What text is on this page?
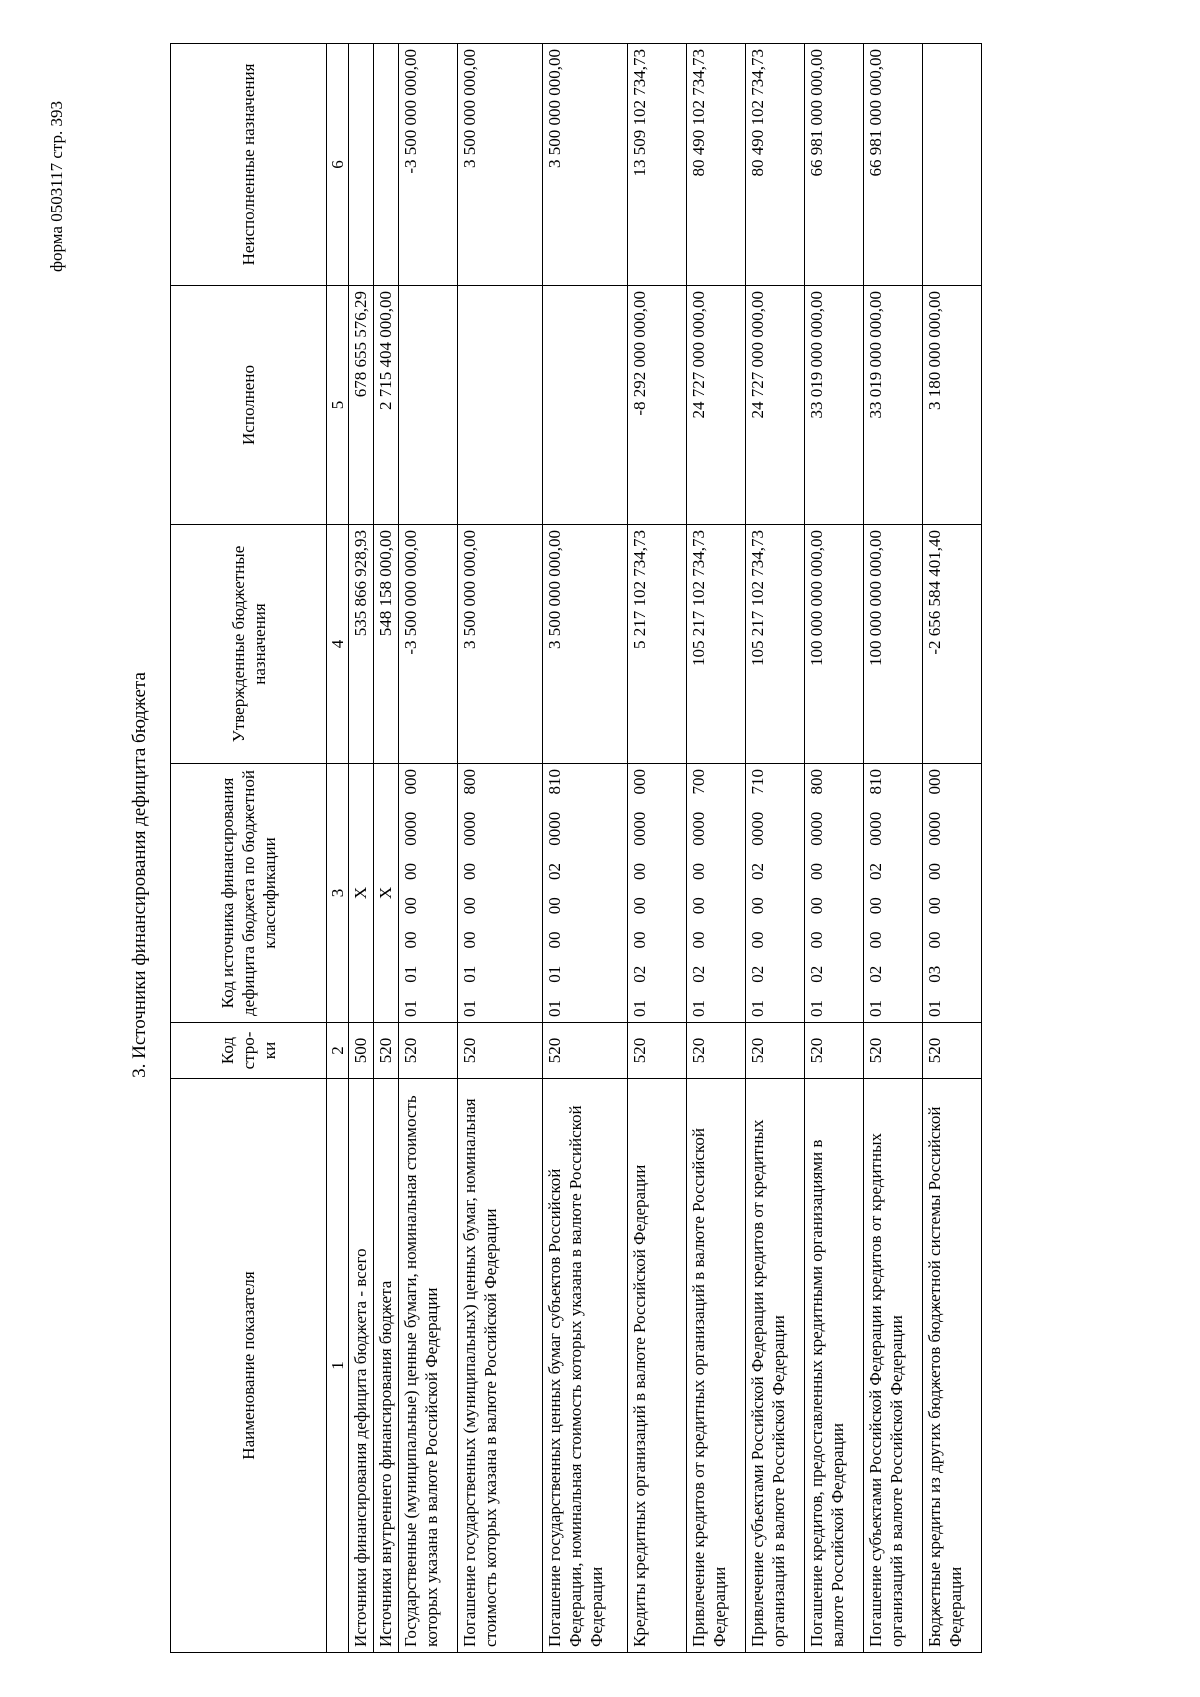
форма 0503117 стр. 393
3. Источники финансирования дефицита бюджета
Наименование показателя	Код стро-ки	Код источника финансирования дефицита бюджета по бюджетной классификации	Утвержденные бюджетные назначения	Исполнено	Неисполненные назначения
1	2	3	4	5	6
Источники финансирования дефицита бюджета - всего	500	X	535 866 928,93	678 655 576,29	
Источники внутреннего финансирования бюджета	520	X	548 158 000,00	2 715 404 000,00	
Государственные (муниципальные) ценные бумаги, номинальная стоимость которых указана в валюте Российской Федерации	520	01 01 00 00 00 0000 000	-3 500 000 000,00		-3 500 000 000,00
Погашение государственных (муниципальных) ценных бумаг, номинальная стоимость которых указана в валюте Российской Федерации	520	01 01 00 00 00 0000 800	3 500 000 000,00		3 500 000 000,00
Погашение государственных ценных бумаг субъектов Российской Федерации, номинальная стоимость которых указана в валюте Российской Федерации	520	01 01 00 00 02 0000 810	3 500 000 000,00		3 500 000 000,00
Кредиты кредитных организаций в валюте Российской Федерации	520	01 02 00 00 00 0000 000	5 217 102 734,73	-8 292 000 000,00	13 509 102 734,73
Привлечение кредитов от кредитных организаций в валюте Российской Федерации	520	01 02 00 00 00 0000 700	105 217 102 734,73	24 727 000 000,00	80 490 102 734,73
Привлечение субъектами Российской Федерации кредитов от кредитных организаций в валюте Российской Федерации	520	01 02 00 00 02 0000 710	105 217 102 734,73	24 727 000 000,00	80 490 102 734,73
Погашение кредитов, предоставленных кредитными организациями в валюте Российской Федерации	520	01 02 00 00 00 0000 800	100 000 000 000,00	33 019 000 000,00	66 981 000 000,00
Погашение субъектами Российской Федерации кредитов от кредитных организаций в валюте Российской Федерации	520	01 02 00 00 02 0000 810	100 000 000 000,00	33 019 000 000,00	66 981 000 000,00
Бюджетные кредиты из других бюджетов бюджетной системы Российской Федерации	520	01 03 00 00 00 0000 000	-2 656 584 401,40	3 180 000 000,00	
